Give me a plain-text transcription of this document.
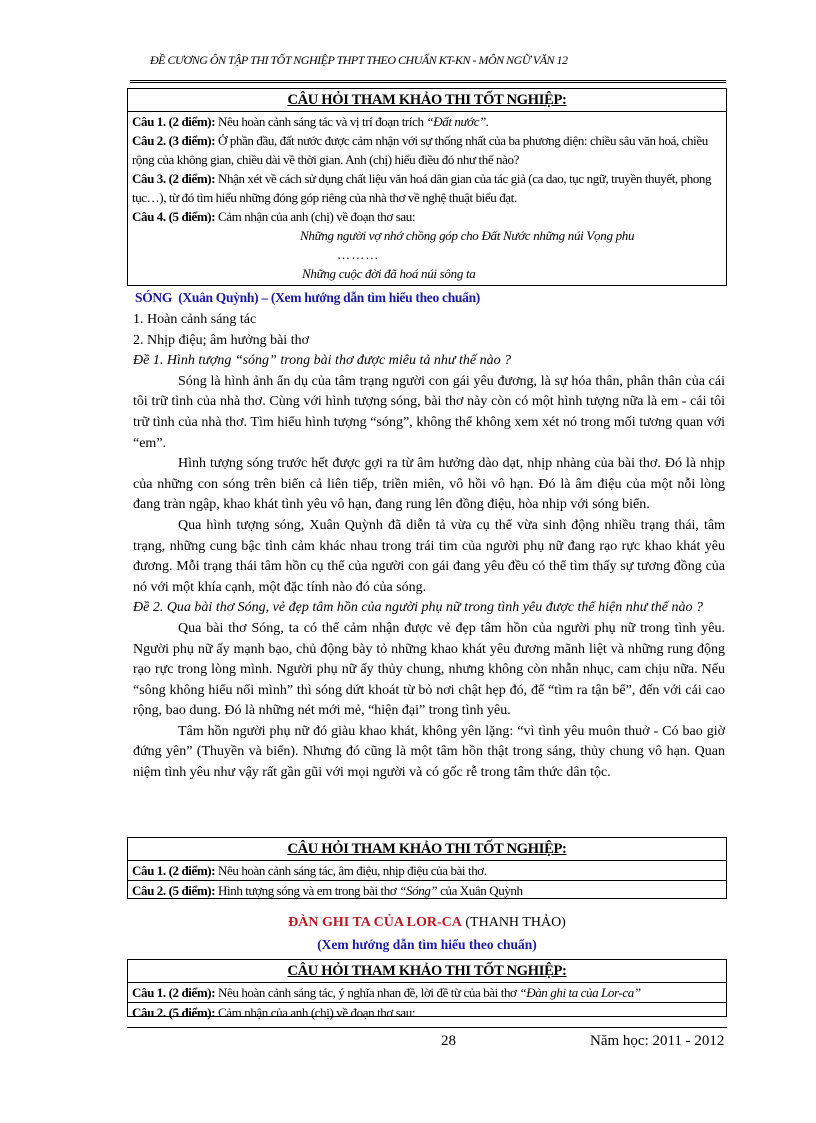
ĐỀ CƯƠNG ÔN TẬP THI TỐT NGHIỆP THPT THEO CHUẨN KT-KN - MÔN NGỮ VĂN 12
CÂU HỎI THAM KHẢO THI TỐT NGHIỆP:
Câu 1. (2 điểm): Nêu hoàn cảnh sáng tác và vị trí đoạn trích “Đất nước”.
Câu 2. (3 điểm): Ở phần đầu, đất nước được cảm nhận với sự thống nhất của ba phương diện: chiều sâu văn hoá, chiều rộng của không gian, chiều dài về thời gian. Anh (chị) hiểu điều đó như thế nào?
Câu 3. (2 điểm): Nhận xét về cách sử dụng chất liệu văn hoá dân gian của tác giả (ca dao, tục ngữ, truyền thuyết, phong tục…), từ đó tìm hiểu những đóng góp riêng của nhà thơ về nghệ thuật biểu đạt.
Câu 4. (5 điểm): Cảm nhận của anh (chị) về đoạn thơ sau:
Những người vợ nhớ chồng góp cho Đất Nước những núi Vọng phu
… … …
Những cuộc đời đã hoá núi sông ta
SÓNG (Xuân Quỳnh) – (Xem hướng dẫn tìm hiểu theo chuẩn)

1. Hoàn cảnh sáng tác

2. Nhịp điệu; âm hưởng bài thơ

Đề 1. Hình tượng “sóng” trong bài thơ được miêu tả như thế nào ?

Sóng là hình ảnh ẩn dụ của tâm trạng người con gái yêu đương, là sự hóa thân, phân thân của cái tôi trữ tình của nhà thơ. Cùng với hình tượng sóng, bài thơ này còn có một hình tượng nữa là em - cái tôi trữ tình của nhà thơ. Tìm hiểu hình tượng “sóng”, không thể không xem xét nó trong mối tương quan với “em”.

Hình tượng sóng trước hết được gợi ra từ âm hưởng dào dạt, nhịp nhàng của bài thơ. Đó là nhịp của những con sóng trên biển cả liên tiếp, triền miên, vô hồi vô hạn. Đó là âm điệu của một nỗi lòng đang tràn ngập, khao khát tình yêu vô hạn, đang rung lên đồng điệu, hòa nhịp với sóng biển.

Qua hình tượng sóng, Xuân Quỳnh đã diễn tả vừa cụ thể vừa sinh động nhiều trạng thái, tâm trạng, những cung bậc tình cảm khác nhau trong trái tim của người phụ nữ đang rạo rực khao khát yêu đương. Mỗi trạng thái tâm hồn cụ thể của người con gái đang yêu đều có thể tìm thấy sự tương đồng của nó với một khía cạnh, một đặc tính nào đó của sóng.

Đề 2. Qua bài thơ Sóng, vẻ đẹp tâm hồn của người phụ nữ trong tình yêu được thể hiện như thế nào ?

Qua bài thơ Sóng, ta có thể cảm nhận được vẻ đẹp tâm hồn của người phụ nữ trong tình yêu. Người phụ nữ ấy mạnh bạo, chủ động bày tỏ những khao khát yêu đương mãnh liệt và những rung động rạo rực trong lòng mình. Người phụ nữ ấy thủy chung, nhưng không còn nhẫn nhục, cam chịu nữa. Nếu “sông không hiểu nổi mình” thì sóng dứt khoát từ bỏ nơi chật hẹp đó, để “tìm ra tận bể”, đến với cái cao rộng, bao dung. Đó là những nét mới mẻ, “hiện đại” trong tình yêu.

Tâm hồn người phụ nữ đó giàu khao khát, không yên lặng: “vì tình yêu muôn thuở - Có bao giờ đứng yên” (Thuyền và biển). Nhưng đó cũng là một tâm hồn thật trong sáng, thủy chung vô hạn. Quan niệm tình yêu như vậy rất gần gũi với mọi người và có gốc rễ trong tâm thức dân tộc.

CÂU HỎI THAM KHẢO THI TỐT NGHIỆP:
Câu 1. (2 điểm): Nêu hoàn cảnh sáng tác, âm điệu, nhịp điệu của bài thơ.
Câu 2. (5 điểm): Hình tượng sóng và em trong bài thơ “Sóng” của Xuân Quỳnh
ĐÀN GHI TA CỦA LOR-CA (THANH THẢO)
(Xem hướng dẫn tìm hiểu theo chuẩn)
CÂU HỎI THAM KHẢO THI TỐT NGHIỆP:
Câu 1. (2 điểm): Nêu hoàn cảnh sáng tác, ý nghĩa nhan đề, lời đề từ của bài thơ “Đàn ghi ta của Lor-ca”
Câu 2. (5 điểm): Cảm nhận của anh (chị) về đoạn thơ sau:
28	Năm học: 2011 - 2012
